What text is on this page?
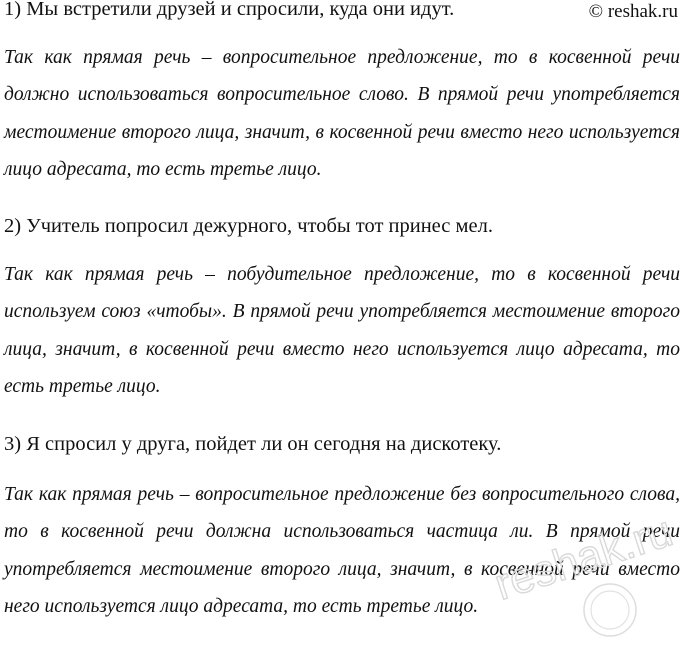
© reshak.ru
1) Мы встретили друзей и спросили, куда они идут.
Так как прямая речь – вопросительное предложение, то в косвенной речи должно использоваться вопросительное слово. В прямой речи употребляется местоимение второго лица, значит, в косвенной речи вместо него используется лицо адресата, то есть третье лицо.
2) Учитель попросил дежурного, чтобы тот принес мел.
Так как прямая речь – побудительное предложение, то в косвенной речи используем союз «чтобы». В прямой речи употребляется местоимение второго лица, значит, в косвенной речи вместо него используется лицо адресата, то есть третье лицо.
3) Я спросил у друга, пойдет ли он сегодня на дискотеку.
Так как прямая речь – вопросительное предложение без вопросительного слова, то в косвенной речи должна использоваться частица ли. В прямой речи употребляется местоимение второго лица, значит, в косвенной речи вместо него используется лицо адресата, то есть третье лицо. reshak.ru
